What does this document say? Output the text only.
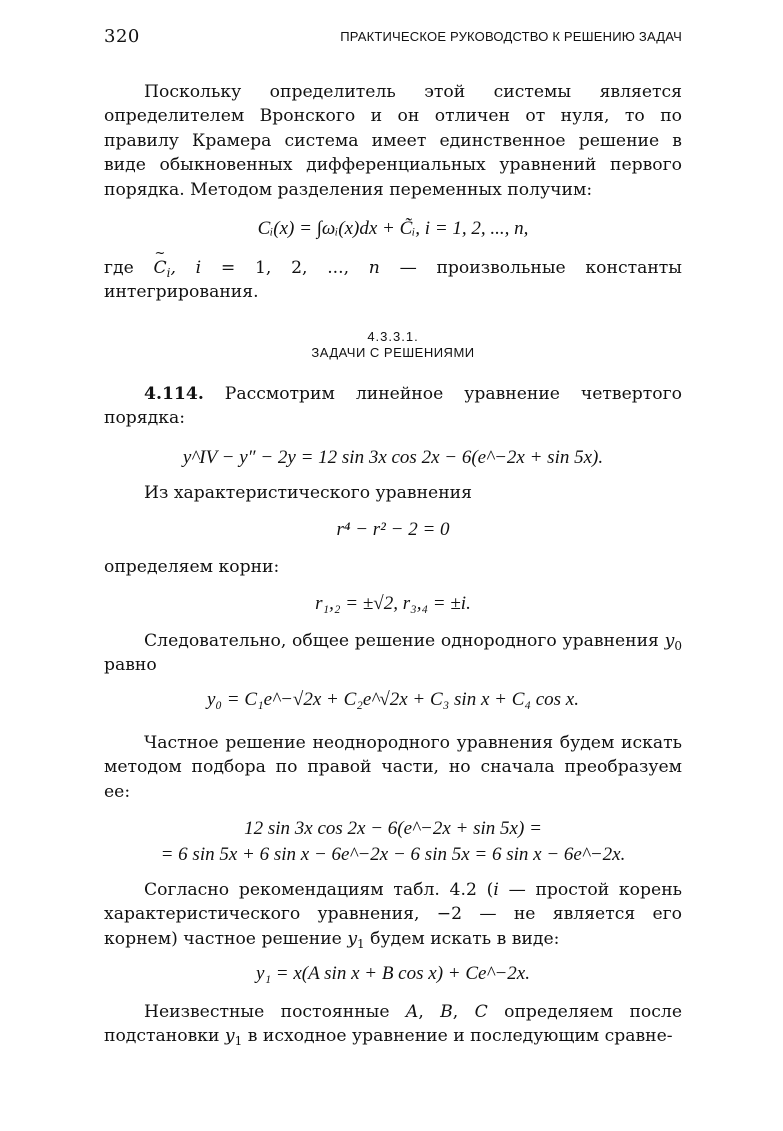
320	ПРАКТИЧЕСКОЕ РУКОВОДСТВО К РЕШЕНИЮ ЗАДАЧ

Поскольку определитель этой системы является определителем Вронского и он отличен от нуля, то по правилу Крамера система имеет единственное решение в виде обыкновенных дифференциальных уравнений первого порядка. Методом разделения переменных получим:

Cᵢ(x) = ∫ωᵢ(x)dx + C̃ᵢ, i = 1, 2, ..., n,

где ~ $C_i$, i = 1, 2, ..., n — произвольные константы интегрирования.

4.3.3.1.
ЗАДАЧИ С РЕШЕНИЯМИ

4.114. Рассмотрим линейное уравнение четвертого порядка:

y^IV − y″ − 2y = 12 sin 3x cos 2x − 6(e^−2x + sin 5x).

Из характеристического уравнения

r⁴ − r² − 2 = 0

определяем корни:

r₁,₂ = ±√2, r₃,₄ = ±i.

Следовательно, общее решение однородного уравнения $y_0$ равно

y₀ = C₁e^−√2x + C₂e^√2x + C₃ sin x + C₄ cos x.

Частное решение неоднородного уравнения будем искать методом подбора по правой части, но сначала преобразуем ее:

12 sin 3x cos 2x − 6(e^−2x + sin 5x) =
= 6 sin 5x + 6 sin x − 6e^−2x − 6 sin 5x = 6 sin x − 6e^−2x.

Согласно рекомендациям табл. 4.2 (i — простой корень характеристического уравнения, −2 — не является его корнем) частное решение $y_1$ будем искать в виде:

y₁ = x(A sin x + B cos x) + Ce^−2x.

Неизвестные постоянные A, B, C определяем после подстановки $y_1$ в исходное уравнение и последующим сравне-
